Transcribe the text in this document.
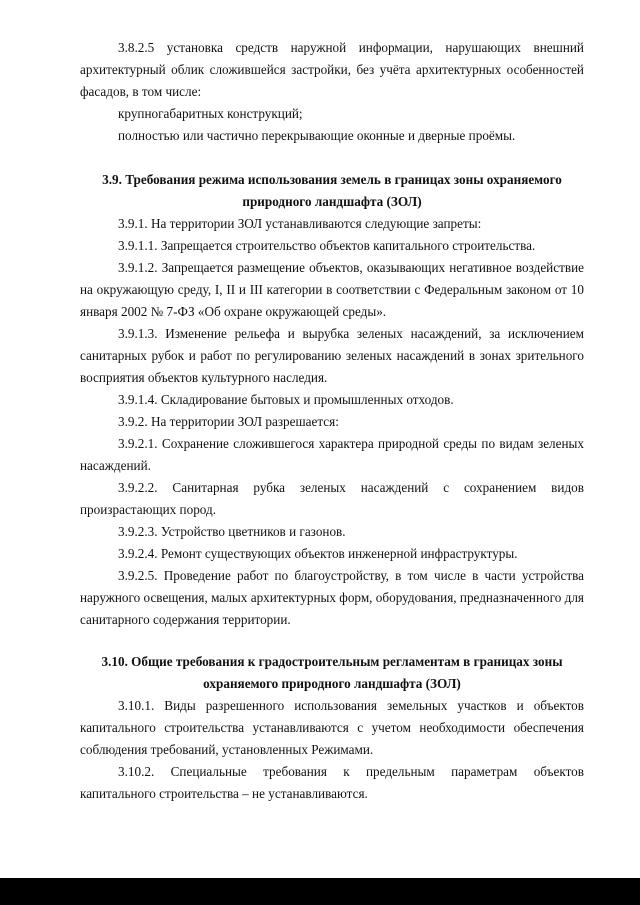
3.8.2.5 установка средств наружной информации, нарушающих внешний архитектурный облик сложившейся застройки, без учёта архитектурных особенностей фасадов, в том числе:

крупногабаритных конструкций;

полностью или частично перекрывающие оконные и дверные проёмы.

3.9. Требования режима использования земель в границах зоны охраняемого природного ландшафта (ЗОЛ)

3.9.1. На территории ЗОЛ устанавливаются следующие запреты:

3.9.1.1. Запрещается строительство объектов капитального строительства.

3.9.1.2. Запрещается размещение объектов, оказывающих негативное воздействие на окружающую среду, I, II и III категории в соответствии с Федеральным законом от 10 января 2002 № 7-ФЗ «Об охране окружающей среды».

3.9.1.3. Изменение рельефа и вырубка зеленых насаждений, за исключением санитарных рубок и работ по регулированию зеленых насаждений в зонах зрительного восприятия объектов культурного наследия.

3.9.1.4. Складирование бытовых и промышленных отходов.

3.9.2. На территории ЗОЛ разрешается:

3.9.2.1. Сохранение сложившегося характера природной среды по видам зеленых насаждений.

3.9.2.2. Санитарная рубка зеленых насаждений с сохранением видов произрастающих пород.

3.9.2.3. Устройство цветников и газонов.

3.9.2.4. Ремонт существующих объектов инженерной инфраструктуры.

3.9.2.5. Проведение работ по благоустройству, в том числе в части устройства наружного освещения, малых архитектурных форм, оборудования, предназначенного для санитарного содержания территории.

3.10. Общие требования к градостроительным регламентам в границах зоны охраняемого природного ландшафта (ЗОЛ)

3.10.1. Виды разрешенного использования земельных участков и объектов капитального строительства устанавливаются с учетом необходимости обеспечения соблюдения требований, установленных Режимами.

3.10.2. Специальные требования к предельным параметрам объектов капитального строительства – не устанавливаются.
